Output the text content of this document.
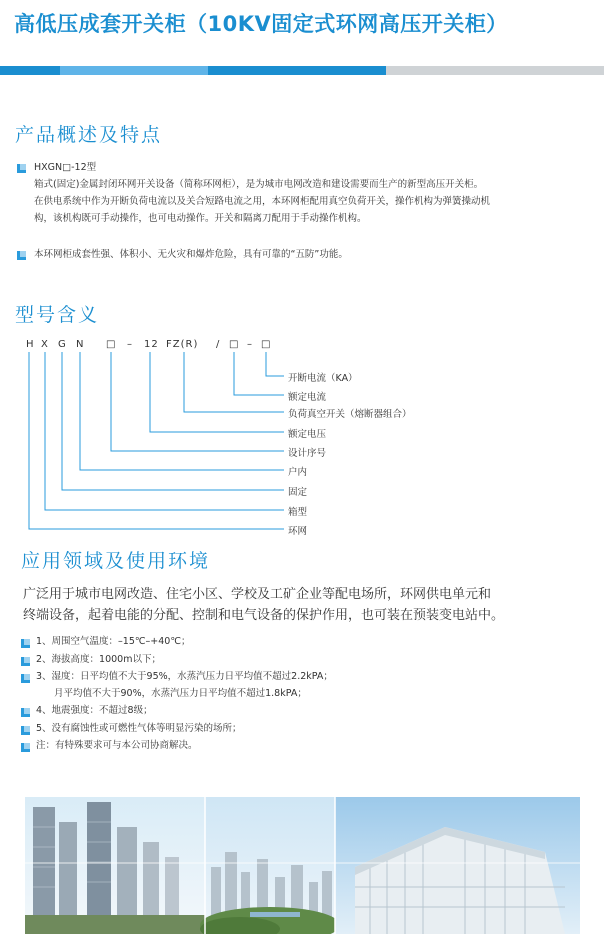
高低压成套开关柜（10KV固定式环网高压开关柜）
产品概述及特点
HXGN□-12型
箱式(固定)金属封闭环网开关设备（简称环网柜），是为城市电网改造和建设需要而生产的新型高压开关柜。
在供电系统中作为开断负荷电流以及关合短路电流之用，本环网柜配用真空负荷开关，操作机构为弹簧操动机
构，该机构既可手动操作，也可电动操作。开关和隔离刀配用于手动操作机构。
本环网柜成套性强、体积小、无火灾和爆炸危险，具有可靠的“五防”功能。
型号含义
H X G N □ – 12 FZ(R) / □ – □
开断电流（KA）
额定电流
负荷真空开关（熔断器组合）
额定电压
设计序号
户内
固定
箱型
环网
应用领域及使用环境
广泛用于城市电网改造、住宅小区、学校及工矿企业等配电场所，环网供电单元和
终端设备，起着电能的分配、控制和电气设备的保护作用，也可装在预装变电站中。
1、周围空气温度：–15℃–+40℃；
2、海拔高度：1000m以下；
3、湿度：日平均值不大于95%，水蒸汽压力日平均值不超过2.2kPA；
月平均值不大于90%，水蒸汽压力日平均值不超过1.8kPA；
4、地震强度：不超过8级；
5、没有腐蚀性或可燃性气体等明显污染的场所；
注：有特殊要求可与本公司协商解决。
